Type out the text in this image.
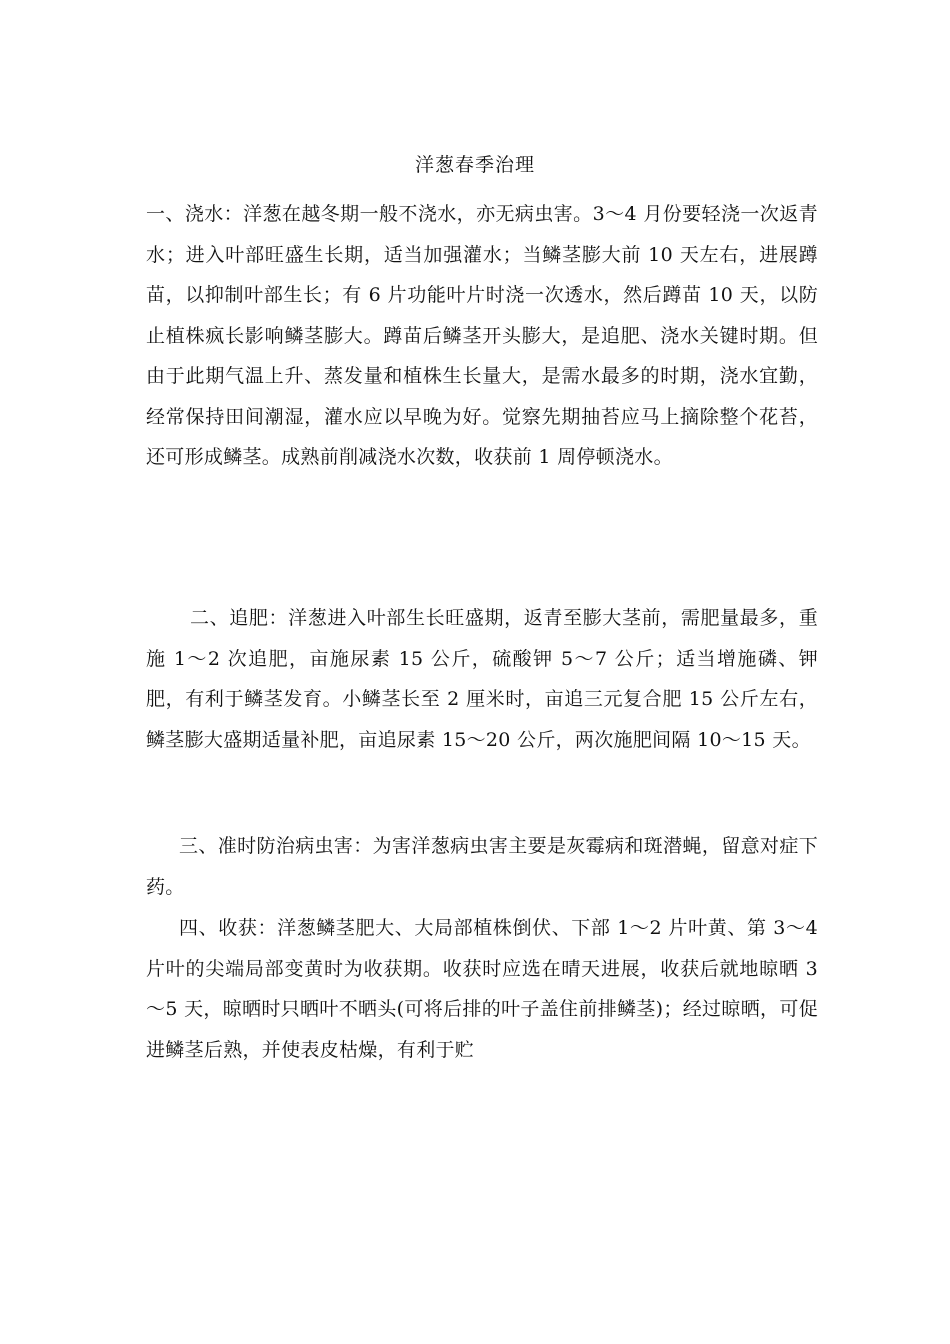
洋葱春季治理

一、浇水：洋葱在越冬期一般不浇水，亦无病虫害。3～4 月份要轻浇一次返青水；进入叶部旺盛生长期，适当加强灌水；当鳞茎膨大前 10 天左右，进展蹲苗，以抑制叶部生长；有 6 片功能叶片时浇一次透水，然后蹲苗 10 天，以防止植株疯长影响鳞茎膨大。蹲苗后鳞茎开头膨大，是追肥、浇水关键时期。但由于此期气温上升、蒸发量和植株生长量大，是需水最多的时期，浇水宜勤，经常保持田间潮湿，灌水应以早晚为好。觉察先期抽苔应马上摘除整个花苔，还可形成鳞茎。成熟前削减浇水次数，收获前 1 周停顿浇水。

二、追肥：洋葱进入叶部生长旺盛期，返青至膨大茎前，需肥量最多，重施 1～2 次追肥，亩施尿素 15 公斤，硫酸钾 5～7 公斤；适当增施磷、钾肥，有利于鳞茎发育。小鳞茎长至 2 厘米时，亩追三元复合肥 15 公斤左右，鳞茎膨大盛期适量补肥，亩追尿素 15～20 公斤，两次施肥间隔 10～15 天。

三、准时防治病虫害：为害洋葱病虫害主要是灰霉病和斑潜蝇，留意对症下药。

四、收获：洋葱鳞茎肥大、大局部植株倒伏、下部 1～2 片叶黄、第 3～4 片叶的尖端局部变黄时为收获期。收获时应选在晴天进展，收获后就地晾晒 3～5 天，晾晒时只晒叶不晒头(可将后排的叶子盖住前排鳞茎)；经过晾晒，可促进鳞茎后熟，并使表皮枯燥，有利于贮
